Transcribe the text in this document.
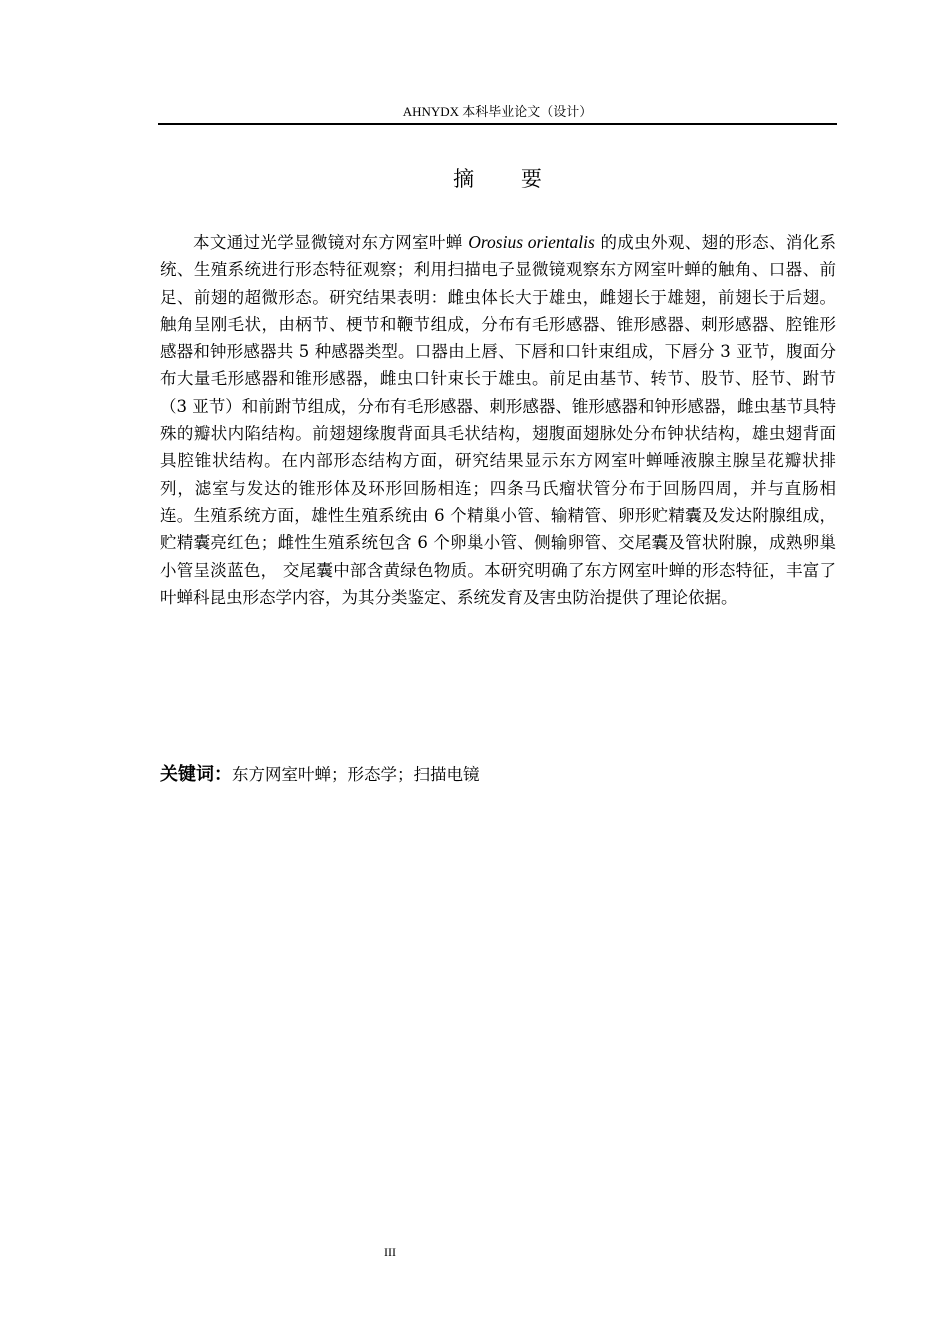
AHNYDX 本科毕业论文（设计）
摘 要

本文通过光学显微镜对东方网室叶蝉 Orosius orientalis 的成虫外观、翅的形态、消化系统、生殖系统进行形态特征观察；利用扫描电子显微镜观察东方网室叶蝉的触角、口器、前足、前翅的超微形态。研究结果表明：雌虫体长大于雄虫，雌翅长于雄翅，前翅长于后翅。触角呈刚毛状，由柄节、梗节和鞭节组成，分布有毛形感器、锥形感器、刺形感器、腔锥形感器和钟形感器共 5 种感器类型。口器由上唇、下唇和口针束组成，下唇分 3 亚节，腹面分布大量毛形感器和锥形感器，雌虫口针束长于雄虫。前足由基节、转节、股节、胫节、跗节（3 亚节）和前跗节组成，分布有毛形感器、刺形感器、锥形感器和钟形感器，雌虫基节具特殊的瓣状内陷结构。前翅翅缘腹背面具毛状结构，翅腹面翅脉处分布钟状结构，雄虫翅背面具腔锥状结构。在内部形态结构方面，研究结果显示东方网室叶蝉唾液腺主腺呈花瓣状排列，滤室与发达的锥形体及环形回肠相连；四条马氏瘤状管分布于回肠四周，并与直肠相连。生殖系统方面，雄性生殖系统由 6 个精巢小管、输精管、卵形贮精囊及发达附腺组成，贮精囊亮红色；雌性生殖系统包含 6 个卵巢小管、侧输卵管、交尾囊及管状附腺，成熟卵巢小管呈淡蓝色， 交尾囊中部含黄绿色物质。本研究明确了东方网室叶蝉的形态特征，丰富了叶蝉科昆虫形态学内容，为其分类鉴定、系统发育及害虫防治提供了理论依据。

关键词：东方网室叶蝉；形态学；扫描电镜
III
